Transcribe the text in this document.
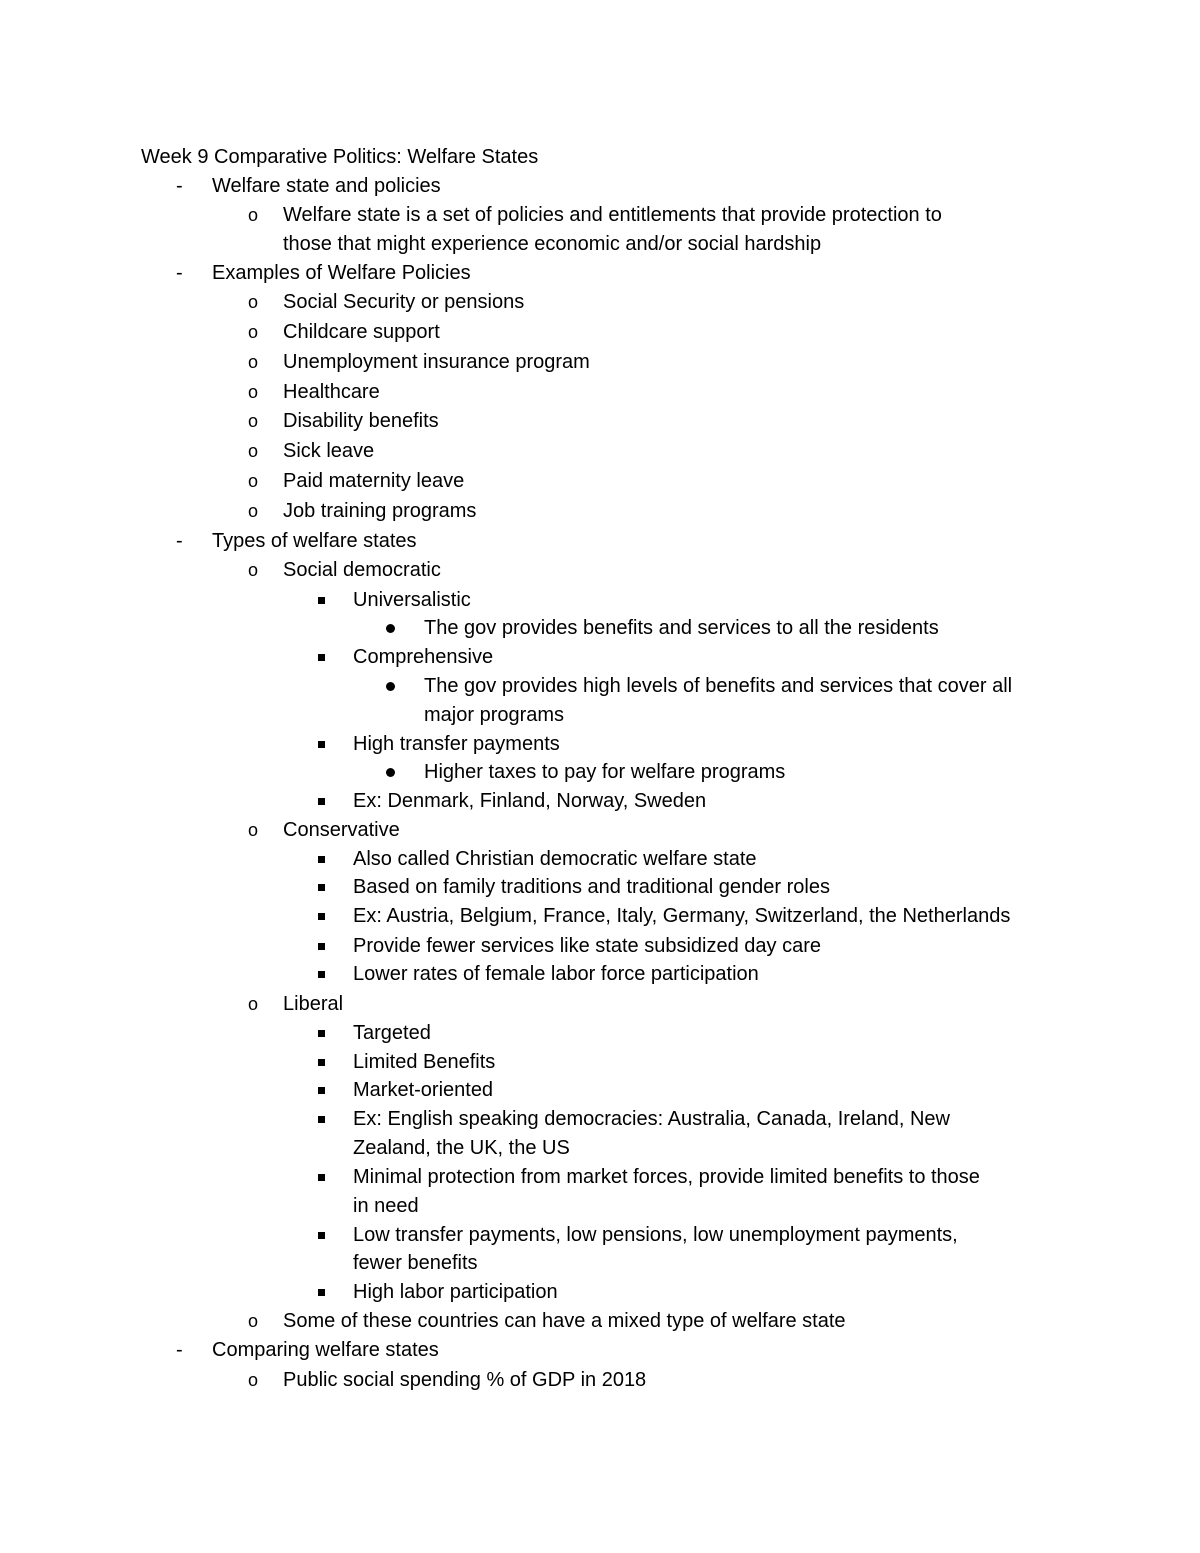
Week 9 Comparative Politics: Welfare States
- Welfare state and policies
o Welfare state is a set of policies and entitlements that provide protection to
those that might experience economic and/or social hardship
- Examples of Welfare Policies
o Social Security or pensions
o Childcare support
o Unemployment insurance program
o Healthcare
o Disability benefits
o Sick leave
o Paid maternity leave
o Job training programs
- Types of welfare states
o Social democratic
Universalistic
The gov provides benefits and services to all the residents
Comprehensive
The gov provides high levels of benefits and services that cover all
major programs
High transfer payments
Higher taxes to pay for welfare programs
Ex: Denmark, Finland, Norway, Sweden
o Conservative
Also called Christian democratic welfare state
Based on family traditions and traditional gender roles
Ex: Austria, Belgium, France, Italy, Germany, Switzerland, the Netherlands
Provide fewer services like state subsidized day care
Lower rates of female labor force participation
o Liberal
Targeted
Limited Benefits
Market-oriented
Ex: English speaking democracies: Australia, Canada, Ireland, New
Zealand, the UK, the US
Minimal protection from market forces, provide limited benefits to those
in need
Low transfer payments, low pensions, low unemployment payments,
fewer benefits
High labor participation
o Some of these countries can have a mixed type of welfare state
- Comparing welfare states
o Public social spending % of GDP in 2018
